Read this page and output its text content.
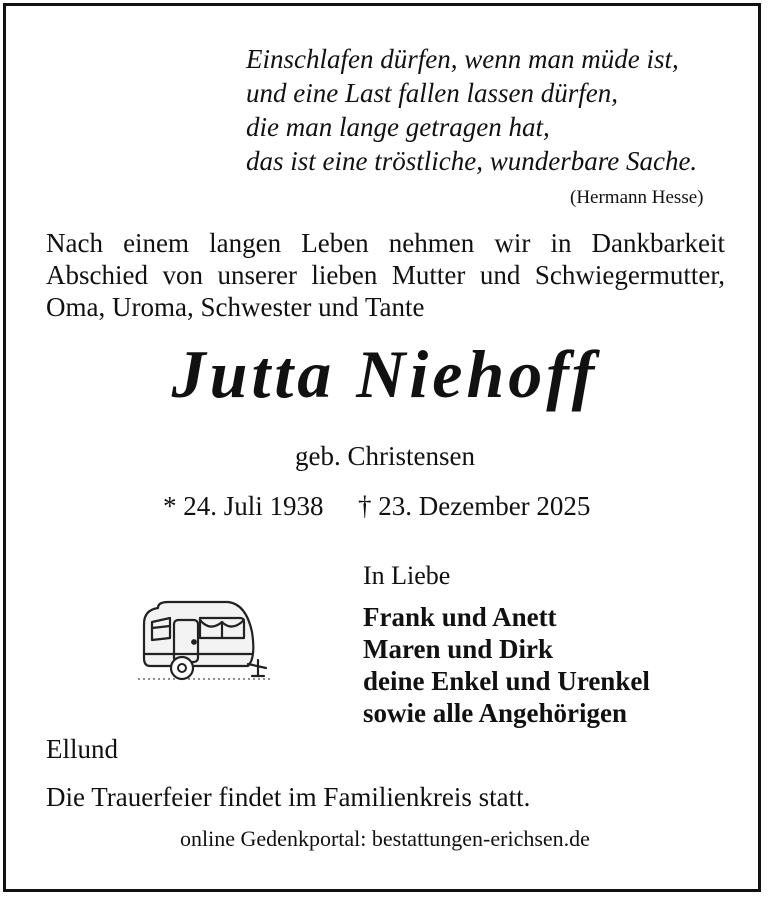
Einschlafen dürfen, wenn man müde ist,
und eine Last fallen lassen dürfen,
die man lange getragen hat,
das ist eine tröstliche, wunderbare Sache.
(Hermann Hesse)
Nach einem langen Leben nehmen wir in Dankbarkeit
Abschied von unserer lieben Mutter und Schwiegermutter,
Oma, Uroma, Schwester und Tante
Jutta Niehoff
geb. Christensen
* 24. Juli 1938 † 23. Dezember 2025
In Liebe
Frank und Anett
Maren und Dirk
deine Enkel und Urenkel
sowie alle Angehörigen
Ellund
Die Trauerfeier findet im Familienkreis statt.
online Gedenkportal: bestattungen-erichsen.de
